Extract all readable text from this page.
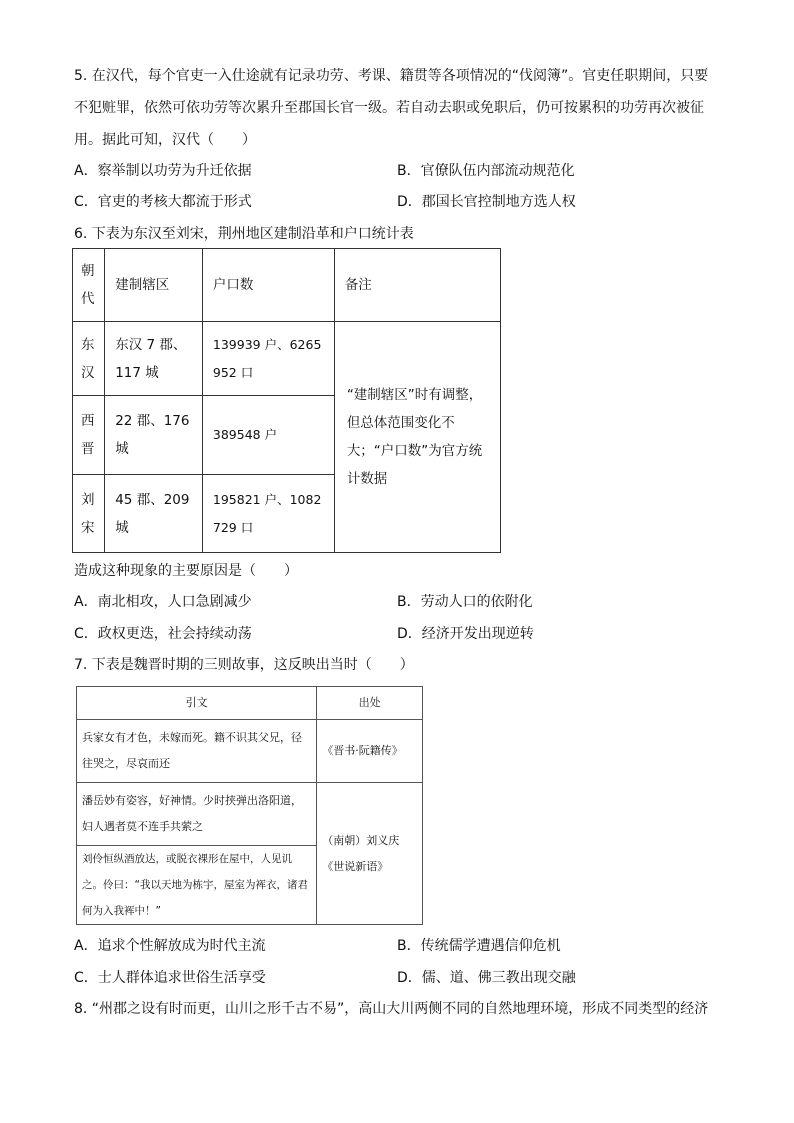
5. 在汉代，每个官吏一入仕途就有记录功劳、考课、籍贯等各项情况的“伐阅簿”。官吏任职期间，只要
不犯赃罪，依然可依功劳等次累升至郡国长官一级。若自动去职或免职后，仍可按累积的功劳再次被征
用。据此可知，汉代（　　）
A．察举制以功劳为升迁依据	B．官僚队伍内部流动规范化
C．官吏的考核大都流于形式	D．郡国长官控制地方选人权
6. 下表为东汉至刘宋，荆州地区建制沿革和户口统计表
朝代	建制辖区	户口数	备注
东汉	东汉 7 郡、117 城	139939 户、6265952 口	“建制辖区”时有调整，但总体范围变化不大；“户口数”为官方统计数据
西晋	22 郡、176 城	389548 户	
刘宋	45 郡、209 城	195821 户、1082729 口	
造成这种现象的主要原因是（　　）
A．南北相攻，人口急剧减少	B．劳动人口的依附化
C．政权更迭，社会持续动荡	D．经济开发出现逆转
7. 下表是魏晋时期的三则故事，这反映出当时（　　）
引文	出处
兵家女有才色，未嫁而死。籍不识其父兄，径往哭之，尽哀而还	《晋书·阮籍传》
潘岳妙有姿容，好神情。少时挟弹出洛阳道，妇人遇者莫不连手共萦之	（南朝）刘义庆《世说新语》
刘伶恒纵酒放达，或脱衣裸形在屋中，人见讥之。伶曰：“我以天地为栋宇，屋室为裈衣，诸君何为入我裈中！”	
A．追求个性解放成为时代主流	B．传统儒学遭遇信仰危机
C．士人群体追求世俗生活享受	D．儒、道、佛三教出现交融
8. “州郡之设有时而更，山川之形千古不易”，高山大川两侧不同的自然地理环境，形成不同类型的经济
